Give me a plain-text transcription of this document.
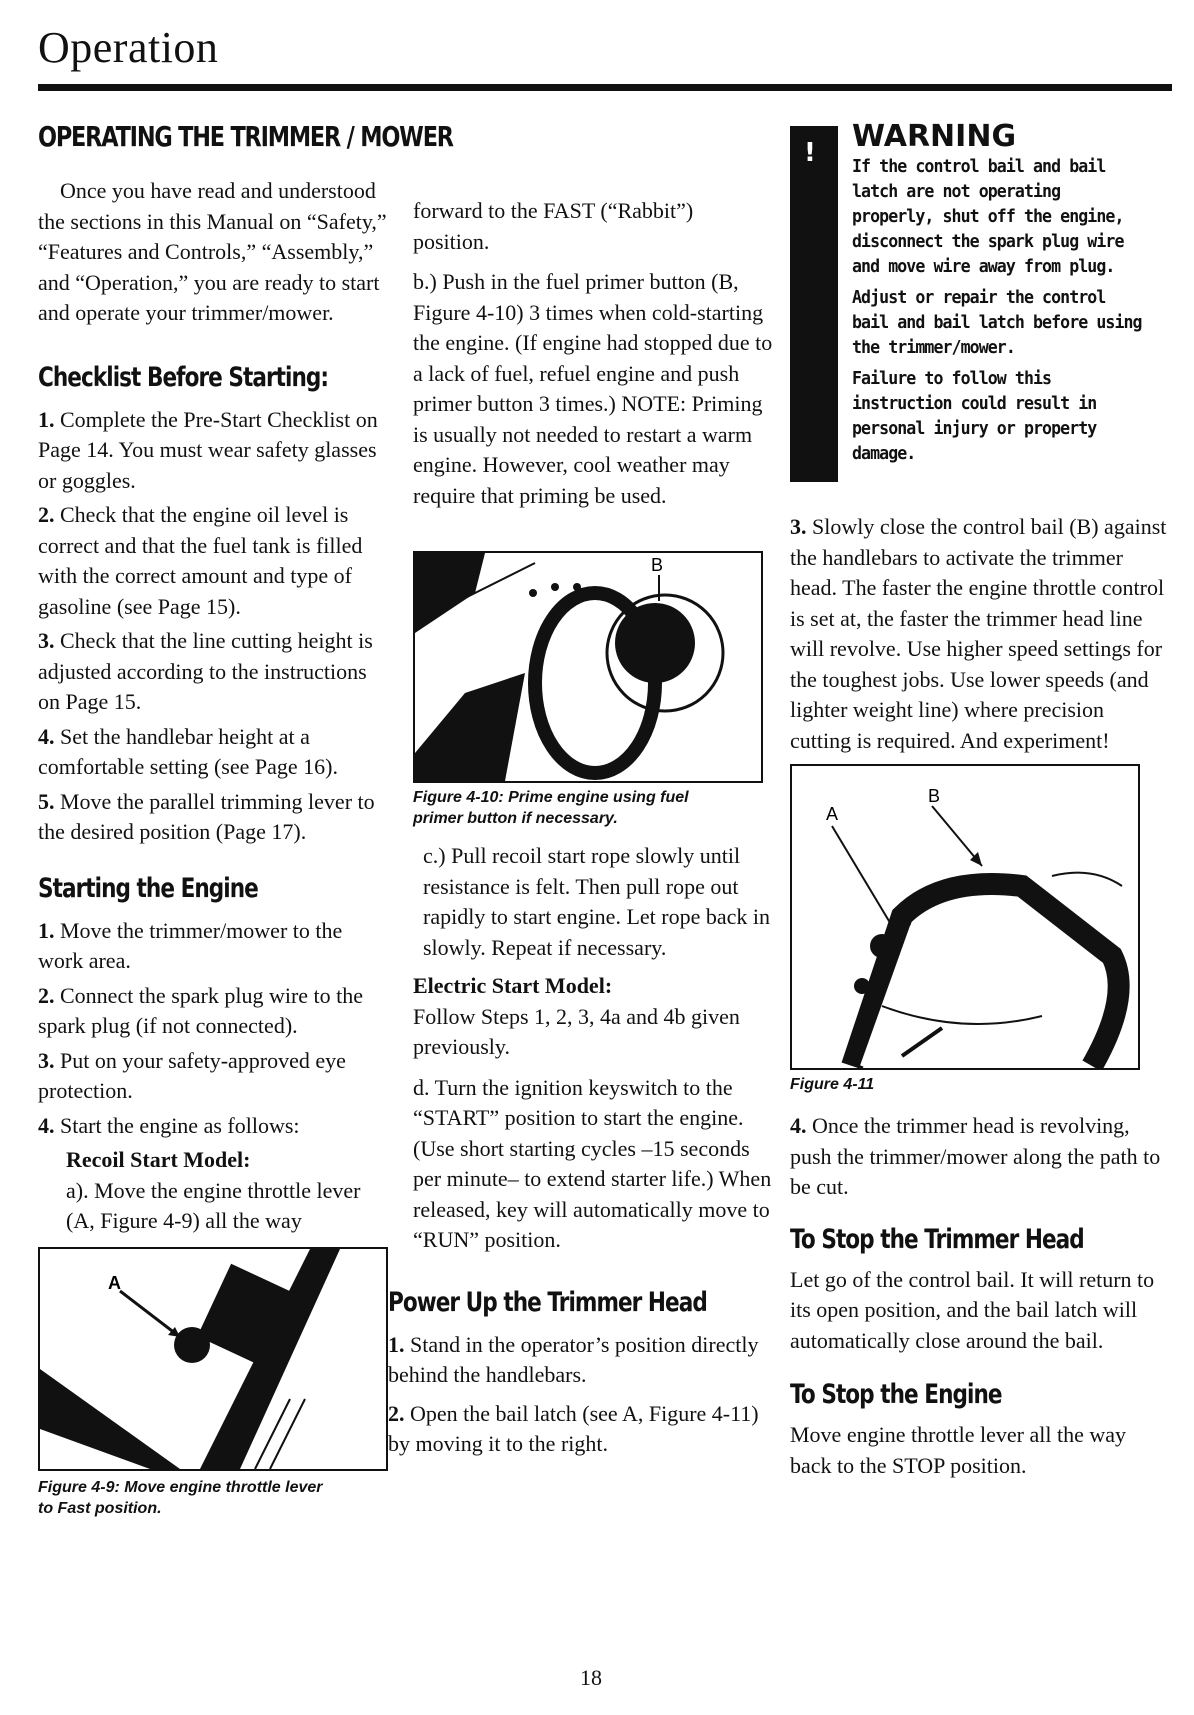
Operation
OPERATING THE TRIMMER / MOWER

Once you have read and understood the sections in this Manual on “Safety,” “Features and Controls,” “Assembly,” and “Operation,” you are ready to start and operate your trimmer/mower.

Checklist Before Starting:

1. Complete the Pre-Start Checklist on Page 14. You must wear safety glasses or goggles.

2. Check that the engine oil level is correct and that the fuel tank is filled with the correct amount and type of gasoline (see Page 15).

3. Check that the line cutting height is adjusted according to the instructions on Page 15.

4. Set the handlebar height at a comfortable setting (see Page 16).

5. Move the parallel trimming lever to the desired position (Page 17).

Starting the Engine

1. Move the trimmer/mower to the work area.

2. Connect the spark plug wire to the spark plug (if not connected).

3. Put on your safety-approved eye protection.

4. Start the engine as follows:

Recoil Start Model:

a). Move the engine throttle lever (A, Figure 4-9) all the way

A

Figure 4-9: Move engine throttle lever to Fast position.

forward to the FAST (“Rabbit”) position.

b.) Push in the fuel primer button (B, Figure 4-10) 3 times when cold-starting the engine. (If engine had stopped due to a lack of fuel, refuel engine and push primer button 3 times.) NOTE: Priming is usually not needed to restart a warm engine. However, cool weather may require that priming be used.

B

Figure 4-10: Prime engine using fuel primer button if necessary.

c.) Pull recoil start rope slowly until resistance is felt. Then pull rope out rapidly to start engine. Let rope back in slowly. Repeat if necessary.

Electric Start Model:

Follow Steps 1, 2, 3, 4a and 4b given previously.

d. Turn the ignition keyswitch to the “START” position to start the engine. (Use short starting cycles –15 seconds per minute– to extend starter life.) When released, key will automatically move to “RUN” position.

Power Up the Trimmer Head

1. Stand in the operator’s position directly behind the handlebars.

2. Open the bail latch (see A, Figure 4-11) by moving it to the right.

! WARNING

If the control bail and bail latch are not operating properly, shut off the engine, disconnect the spark plug wire and move wire away from plug.

Adjust or repair the control bail and bail latch before using the trimmer/mower.

Failure to follow this instruction could result in personal injury or property damage.

3. Slowly close the control bail (B) against the handlebars to activate the trimmer head. The faster the engine throttle control is set at, the faster the trimmer head line will revolve. Use higher speed settings for the toughest jobs. Use lower speeds (and lighter weight line) where precision cutting is required. And experiment!

A
B

Figure 4-11

4. Once the trimmer head is revolving, push the trimmer/mower along the path to be cut.

To Stop the Trimmer Head

Let go of the control bail. It will return to its open position, and the bail latch will automatically close around the bail.

To Stop the Engine

Move engine throttle lever all the way back to the STOP position.

18
